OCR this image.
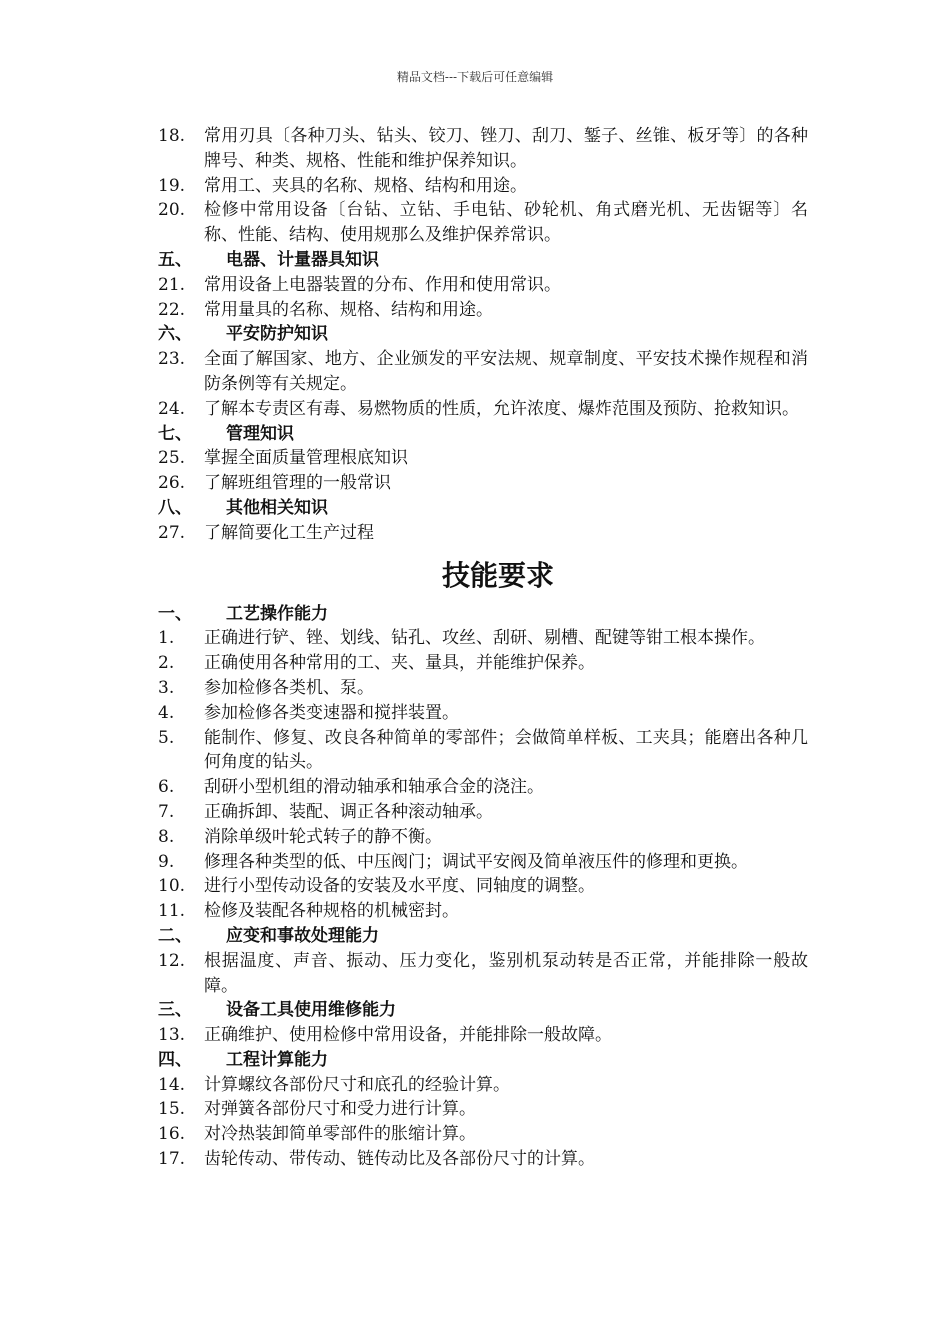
精品文档---下载后可任意编辑
18.	常用刃具〔各种刀头、钻头、铰刀、锉刀、刮刀、錾子、丝锥、板牙等〕的各种牌号、种类、规格、性能和维护保养知识。
19.	常用工、夹具的名称、规格、结构和用途。
20.	检修中常用设备〔台钻、立钻、手电钻、砂轮机、角式磨光机、无齿锯等〕名称、性能、结构、使用规那么及维护保养常识。
五、	电器、计量器具知识
21.	常用设备上电器装置的分布、作用和使用常识。
22.	常用量具的名称、规格、结构和用途。
六、	平安防护知识
23.	全面了解国家、地方、企业颁发的平安法规、规章制度、平安技术操作规程和消防条例等有关规定。
24.	了解本专责区有毒、易燃物质的性质，允许浓度、爆炸范围及预防、抢救知识。
七、	管理知识
25.	掌握全面质量管理根底知识
26.	了解班组管理的一般常识
八、	其他相关知识
27.	了解简要化工生产过程
技能要求
一、	工艺操作能力
1.	正确进行铲、锉、划线、钻孔、攻丝、刮研、剔槽、配键等钳工根本操作。
2.	正确使用各种常用的工、夹、量具，并能维护保养。
3.	参加检修各类机、泵。
4.	参加检修各类变速器和搅拌装置。
5.	能制作、修复、改良各种简单的零部件；会做简单样板、工夹具；能磨出各种几何角度的钻头。
6.	刮研小型机组的滑动轴承和轴承合金的浇注。
7.	正确拆卸、装配、调正各种滚动轴承。
8.	消除单级叶轮式转子的静不衡。
9.	修理各种类型的低、中压阀门；调试平安阀及简单液压件的修理和更换。
10.	进行小型传动设备的安装及水平度、同轴度的调整。
11.	检修及装配各种规格的机械密封。
二、	应变和事故处理能力
12.	根据温度、声音、振动、压力变化，鉴别机泵动转是否正常，并能排除一般故障。
三、	设备工具使用维修能力
13.	正确维护、使用检修中常用设备，并能排除一般故障。
四、	工程计算能力
14.	计算螺纹各部份尺寸和底孔的经验计算。
15.	对弹簧各部份尺寸和受力进行计算。
16.	对冷热装卸简单零部件的胀缩计算。
17.	齿轮传动、带传动、链传动比及各部份尺寸的计算。
